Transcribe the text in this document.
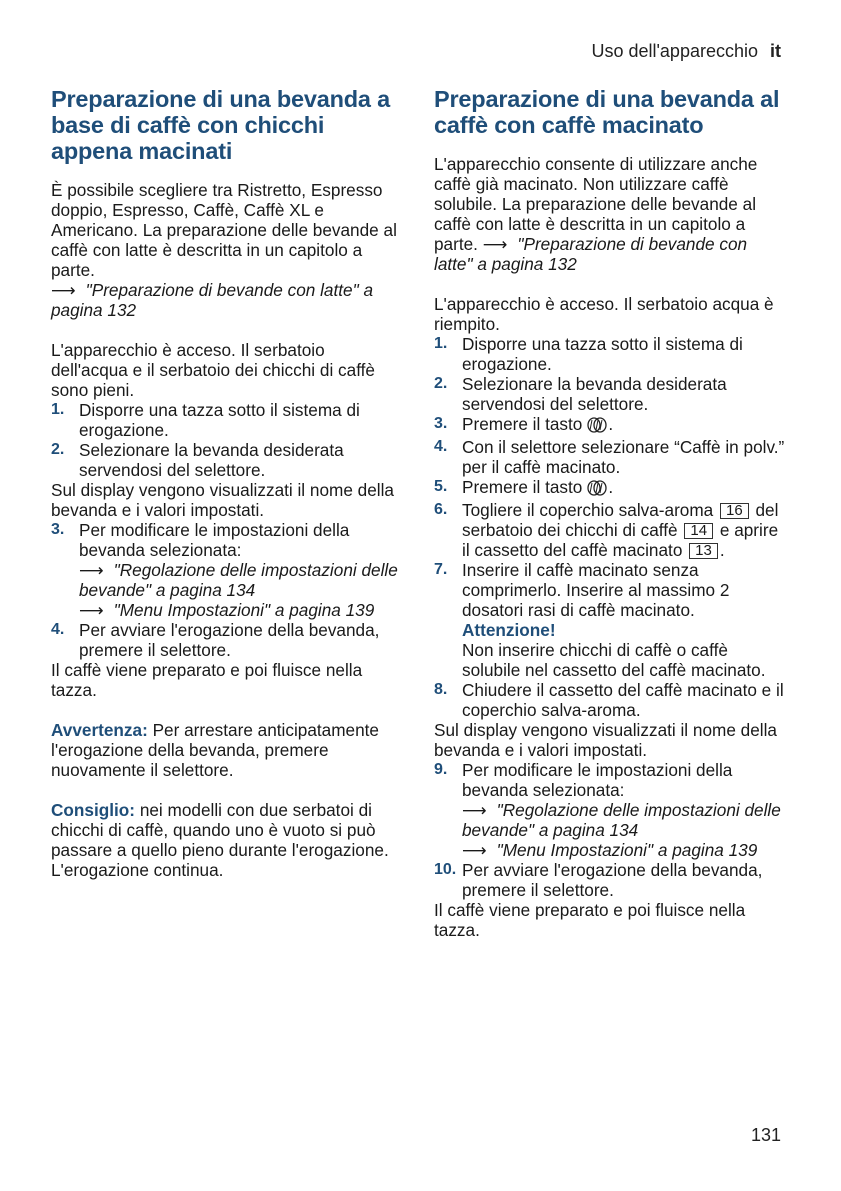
Uso dell'apparecchio it
Preparazione di una bevanda a base di caffè con chicchi appena macinati

È possibile scegliere tra Ristretto, Espresso doppio, Espresso, Caffè, Caffè XL e Americano. La preparazione delle bevande al caffè con latte è descritta in un capitolo a parte.
⟶ "Preparazione di bevande con latte" a pagina 132

L'apparecchio è acceso. Il serbatoio dell'acqua e il serbatoio dei chicchi di caffè sono pieni.

1. Disporre una tazza sotto il sistema di erogazione.
2. Selezionare la bevanda desiderata servendosi del selettore.

Sul display vengono visualizzati il nome della bevanda e i valori impostati.

3. Per modificare le impostazioni della bevanda selezionata:
⟶ "Regolazione delle impostazioni delle bevande" a pagina 134
⟶ "Menu Impostazioni" a pagina 139
4. Per avviare l'erogazione della bevanda, premere il selettore.

Il caffè viene preparato e poi fluisce nella tazza.

Avvertenza: Per arrestare anticipatamente l'erogazione della bevanda, premere nuovamente il selettore.

Consiglio: nei modelli con due serbatoi di chicchi di caffè, quando uno è vuoto si può passare a quello pieno durante l'erogazione. L'erogazione continua.

Preparazione di una bevanda al caffè con caffè macinato

L'apparecchio consente di utilizzare anche caffè già macinato. Non utilizzare caffè solubile. La preparazione delle bevande al caffè con latte è descritta in un capitolo a parte. ⟶ "Preparazione di bevande con latte" a pagina 132

L'apparecchio è acceso. Il serbatoio acqua è riempito.

1. Disporre una tazza sotto il sistema di erogazione.
2. Selezionare la bevanda desiderata servendosi del selettore.
3. Premere il tasto .
4. Con il selettore selezionare “Caffè in polv.” per il caffè macinato.
5. Premere il tasto .
6. Togliere il coperchio salva-aroma 16 del serbatoio dei chicchi di caffè 14 e aprire il cassetto del caffè macinato 13 .
7. Inserire il caffè macinato senza comprimerlo. Inserire al massimo 2 dosatori rasi di caffè macinato.
Attenzione!
Non inserire chicchi di caffè o caffè solubile nel cassetto del caffè macinato.
8. Chiudere il cassetto del caffè macinato e il coperchio salva-aroma.

Sul display vengono visualizzati il nome della bevanda e i valori impostati.

9. Per modificare le impostazioni della bevanda selezionata:
⟶ "Regolazione delle impostazioni delle bevande" a pagina 134
⟶ "Menu Impostazioni" a pagina 139
10. Per avviare l'erogazione della bevanda, premere il selettore.

Il caffè viene preparato e poi fluisce nella tazza.

131
